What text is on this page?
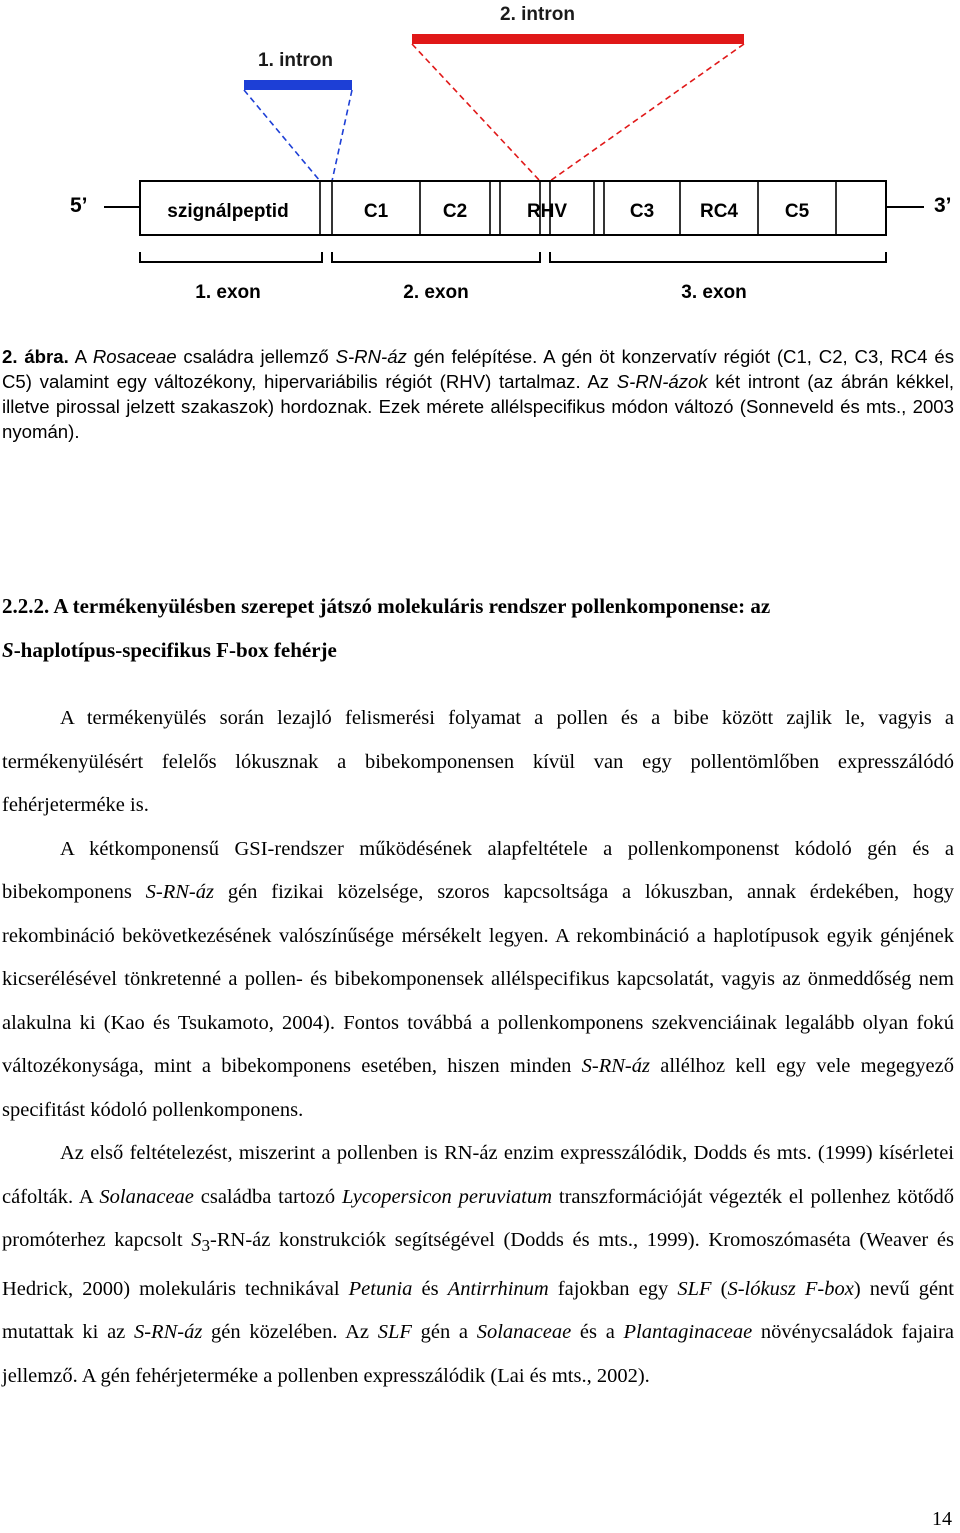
1. intron
2. intron
5’	3’
szignálpeptid	C1	C2	RHV	C3 RC4 C5
1. exon	2. exon	3. exon
2. ábra. A Rosaceae családra jellemző S-RN-áz gén felépítése. A gén öt konzervatív régiót (C1, C2, C3, RC4 és C5) valamint egy változékony, hipervariábilis régiót (RHV) tartalmaz. Az S-RN-ázok két intront (az ábrán kékkel, illetve pirossal jelzett szakaszok) hordoznak. Ezek mérete allélspecifikus módon változó (Sonneveld és mts., 2003 nyomán).
2.2.2. A termékenyülésben szerepet játszó molekuláris rendszer pollenkomponense: az
S-haplotípus-specifikus F-box fehérje

A termékenyülés során lezajló felismerési folyamat a pollen és a bibe között zajlik le, vagyis a termékenyülésért felelős lókusznak a bibekomponensen kívül van egy pollentömlőben expresszálódó fehérjeterméke is.

A kétkomponensű GSI-rendszer működésének alapfeltétele a pollenkomponenst kódoló gén és a bibekomponens S-RN-áz gén fizikai közelsége, szoros kapcsoltsága a lókuszban, annak érdekében, hogy rekombináció bekövetkezésének valószínűsége mérsékelt legyen. A rekombináció a haplotípusok egyik génjének kicserélésével tönkretenné a pollen- és bibekomponensek allélspecifikus kapcsolatát, vagyis az önmeddőség nem alakulna ki (Kao és Tsukamoto, 2004). Fontos továbbá a pollenkomponens szekvenciáinak legalább olyan fokú változékonysága, mint a bibekomponens esetében, hiszen minden S-RN-áz allélhoz kell egy vele megegyező specifitást kódoló pollenkomponens.

Az első feltételezést, miszerint a pollenben is RN-áz enzim expresszálódik, Dodds és mts. (1999) kísérletei cáfolták. A Solanaceae családba tartozó Lycopersicon peruviatum transzformációját végezték el pollenhez kötődő promóterhez kapcsolt $S_3-RN-áz$ konstrukciók segítségével (Dodds és mts., 1999). Kromoszómaséta (Weaver és Hedrick, 2000) molekuláris technikával Petunia és Antirrhinum fajokban egy SLF (S-lókusz F-box) nevű gént mutattak ki az S-RN-áz gén közelében. Az SLF gén a Solanaceae és a Plantaginaceae növénycsaládok fajaira jellemző. A gén fehérjeterméke a pollenben expresszálódik (Lai és mts., 2002).

14
